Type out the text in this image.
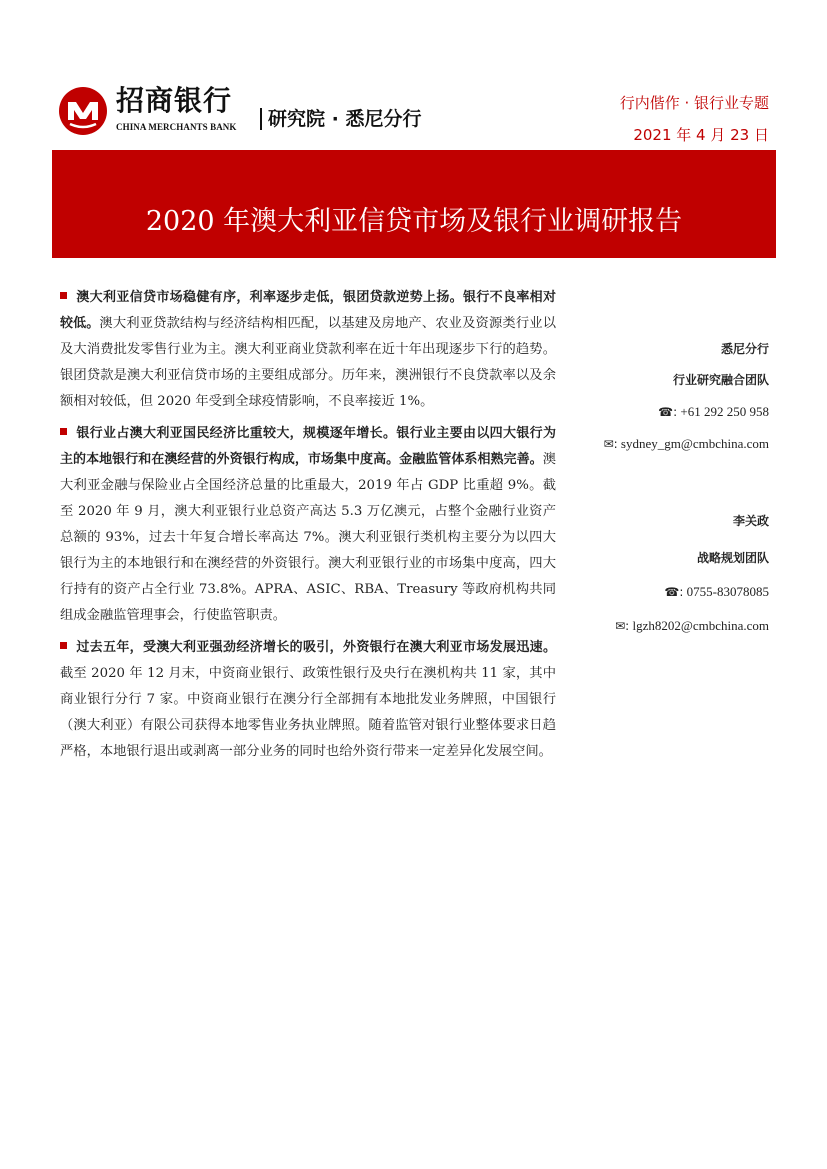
招商银行
CHINA MERCHANTS BANK	研究院 · 悉尼分行
行内偕作 · 银行业专题
2021 年 4 月 23 日
2020 年澳大利亚信贷市场及银行业调研报告

澳大利亚信贷市场稳健有序，利率逐步走低，银团贷款逆势上扬。银行不良率相对较低。澳大利亚贷款结构与经济结构相匹配，以基建及房地产、农业及资源类行业以及大消费批发零售行业为主。澳大利亚商业贷款利率在近十年出现逐步下行的趋势。银团贷款是澳大利亚信贷市场的主要组成部分。历年来，澳洲银行不良贷款率以及余额相对较低，但 2020 年受到全球疫情影响，不良率接近 1%。

银行业占澳大利亚国民经济比重较大，规模逐年增长。银行业主要由以四大银行为主的本地银行和在澳经营的外资银行构成，市场集中度高。金融监管体系相熟完善。澳大利亚金融与保险业占全国经济总量的比重最大，2019 年占 GDP 比重超 9%。截至 2020 年 9 月，澳大利亚银行业总资产高达 5.3 万亿澳元，占整个金融行业资产总额的 93%，过去十年复合增长率高达 7%。澳大利亚银行类机构主要分为以四大银行为主的本地银行和在澳经营的外资银行。澳大利亚银行业的市场集中度高，四大行持有的资产占全行业 73.8%。APRA、ASIC、RBA、Treasury 等政府机构共同组成金融监管理事会，行使监管职责。

过去五年，受澳大利亚强劲经济增长的吸引，外资银行在澳大利亚市场发展迅速。截至 2020 年 12 月末，中资商业银行、政策性银行及央行在澳机构共 11 家，其中商业银行分行 7 家。中资商业银行在澳分行全部拥有本地批发业务牌照，中国银行（澳大利亚）有限公司获得本地零售业务执业牌照。随着监管对银行业整体要求日趋严格，本地银行退出或剥离一部分业务的同时也给外资行带来一定差异化发展空间。

悉尼分行
行业研究融合团队
☎: +61 292 250 958
✉: sydney_gm@cmbchina.com
李关政
战略规划团队
☎: 0755-83078085
✉: lgzh8202@cmbchina.com
